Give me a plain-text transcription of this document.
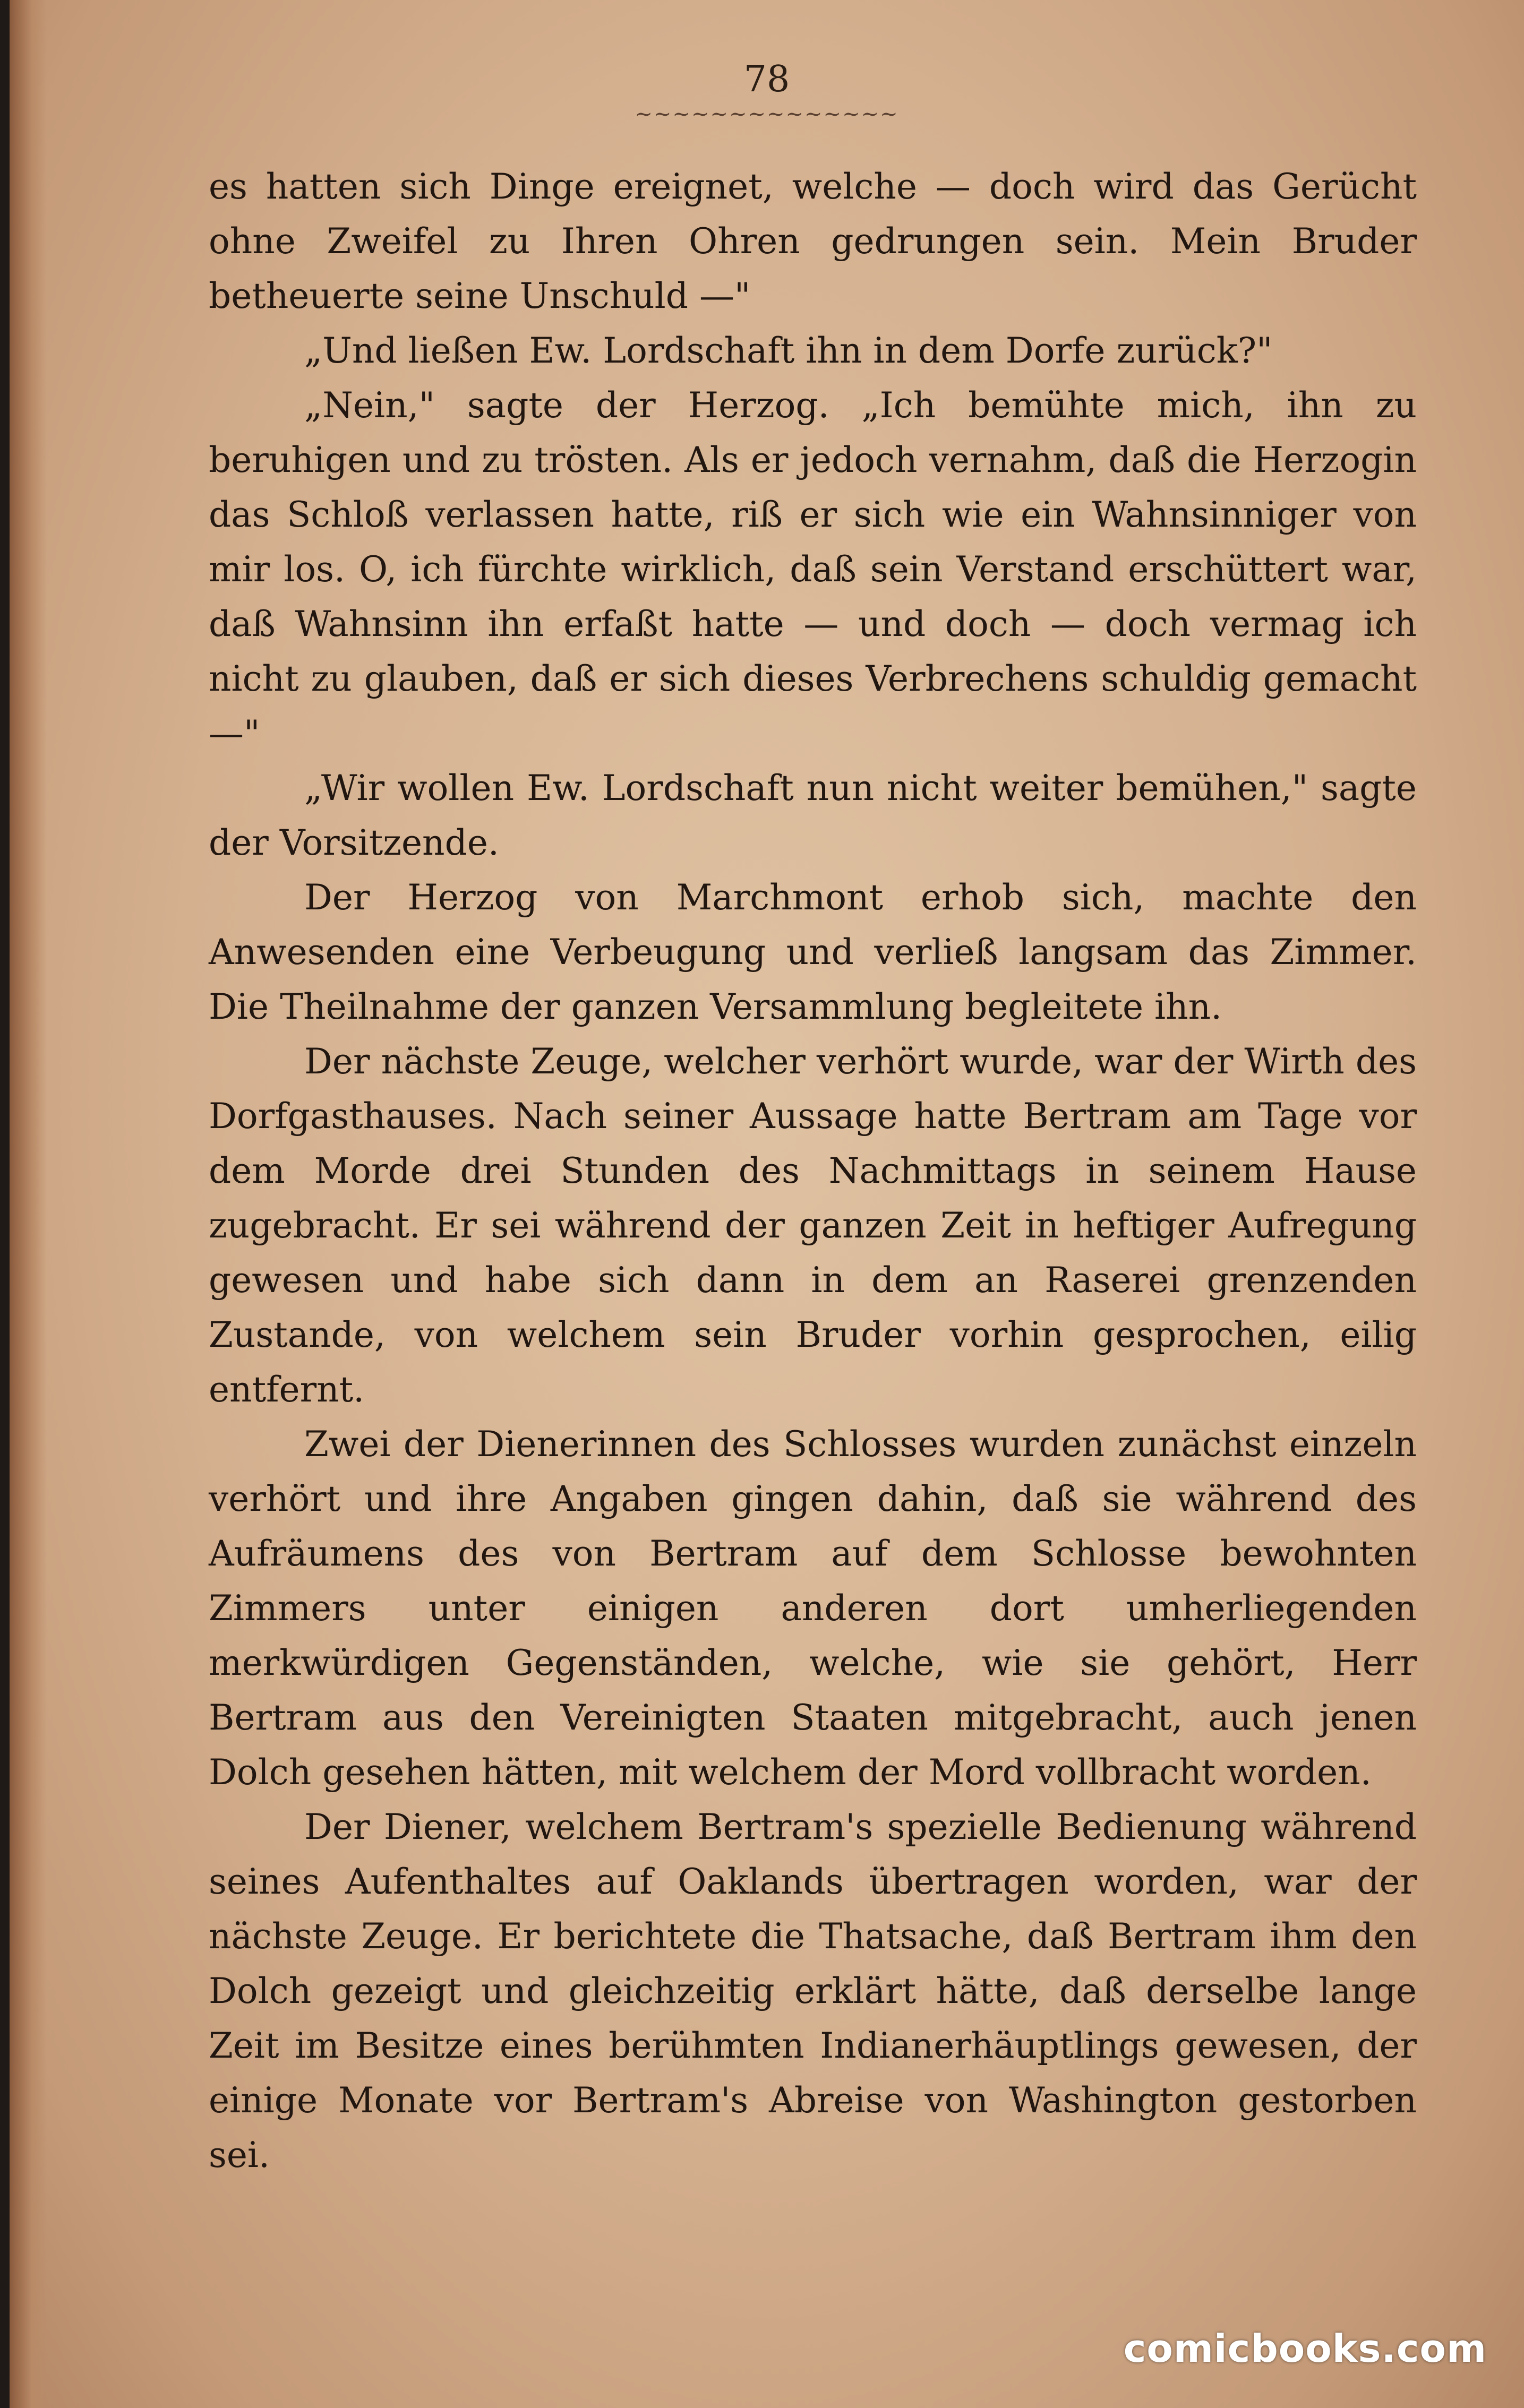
78
~~~~~~~~~~~~~~

es hatten sich Dinge ereignet, welche — doch wird das Gerücht ohne Zweifel zu Ihren Ohren gedrungen sein. Mein Bruder betheuerte seine Unschuld —"

„Und ließen Ew. Lordschaft ihn in dem Dorfe zurück?"

„Nein," sagte der Herzog. „Ich bemühte mich, ihn zu beruhigen und zu trösten. Als er jedoch vernahm, daß die Herzogin das Schloß verlassen hatte, riß er sich wie ein Wahnsinniger von mir los. O, ich fürchte wirklich, daß sein Verstand erschüttert war, daß Wahnsinn ihn erfaßt hatte — und doch — doch vermag ich nicht zu glauben, daß er sich dieses Verbrechens schuldig gemacht —"

„Wir wollen Ew. Lordschaft nun nicht weiter bemühen," sagte der Vorsitzende.

Der Herzog von Marchmont erhob sich, machte den Anwesenden eine Verbeugung und verließ langsam das Zimmer. Die Theilnahme der ganzen Versammlung begleitete ihn.

Der nächste Zeuge, welcher verhört wurde, war der Wirth des Dorfgasthauses. Nach seiner Aussage hatte Bertram am Tage vor dem Morde drei Stunden des Nachmittags in seinem Hause zugebracht. Er sei während der ganzen Zeit in heftiger Aufregung gewesen und habe sich dann in dem an Raserei grenzenden Zustande, von welchem sein Bruder vorhin gesprochen, eilig entfernt.

Zwei der Dienerinnen des Schlosses wurden zunächst einzeln verhört und ihre Angaben gingen dahin, daß sie während des Aufräumens des von Bertram auf dem Schlosse bewohnten Zimmers unter einigen anderen dort umherliegenden merkwürdigen Gegenständen, welche, wie sie gehört, Herr Bertram aus den Vereinigten Staaten mitgebracht, auch jenen Dolch gesehen hätten, mit welchem der Mord vollbracht worden.

Der Diener, welchem Bertram's spezielle Bedienung während seines Aufenthaltes auf Oaklands übertragen worden, war der nächste Zeuge. Er berichtete die Thatsache, daß Bertram ihm den Dolch gezeigt und gleichzeitig erklärt hätte, daß derselbe lange Zeit im Besitze eines berühmten Indianerhäuptlings gewesen, der einige Monate vor Bertram's Abreise von Washington gestorben sei.

comicbooks.com
